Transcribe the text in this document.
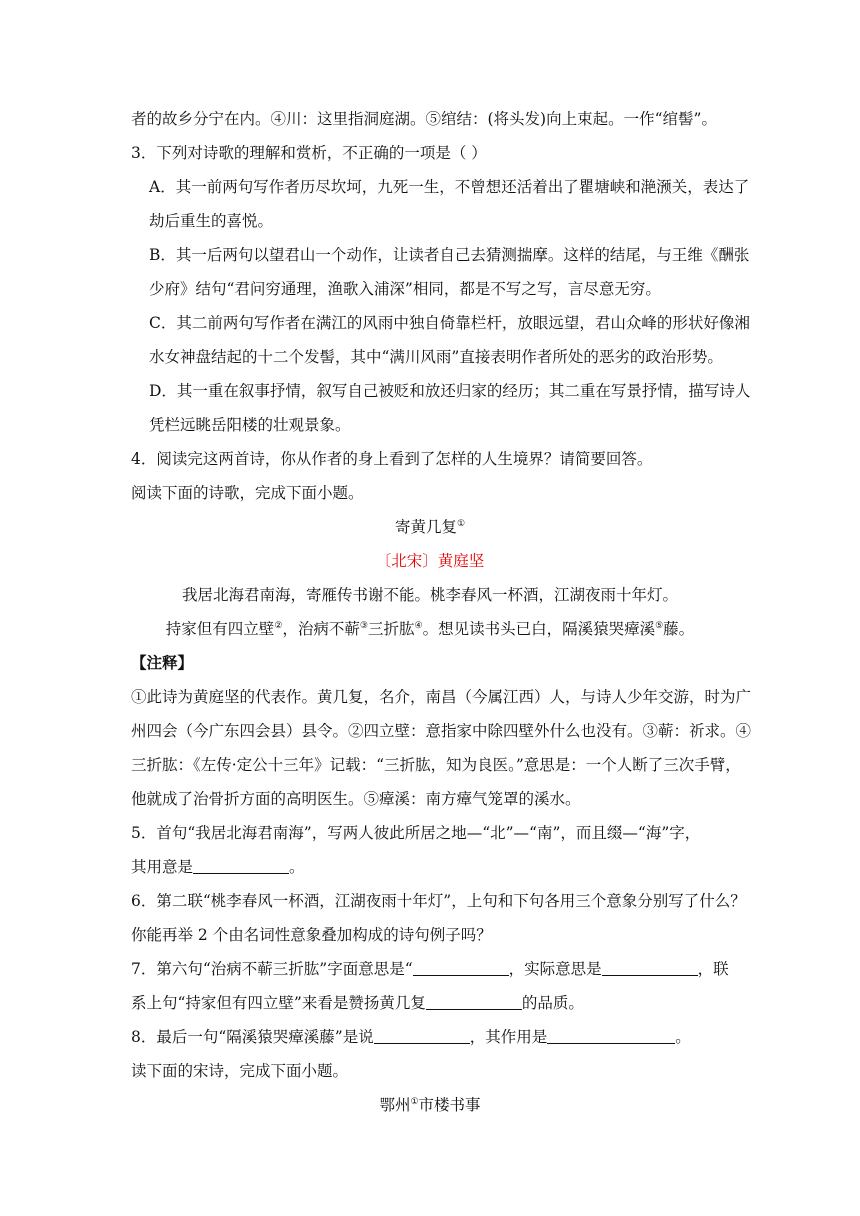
者的故乡分宁在内。④川：这里指洞庭湖。⑤绾结：(将头发)向上束起。一作“绾髻”。
3．下列对诗歌的理解和赏析，不正确的一项是（ ）
A．其一前两句写作者历尽坎坷，九死一生，不曾想还活着出了瞿塘峡和滟滪关，表达了
劫后重生的喜悦。
B．其一后两句以望君山一个动作，让读者自己去猜测揣摩。这样的结尾，与王维《酬张
少府》结句“君问穷通理，渔歌入浦深”相同，都是不写之写，言尽意无穷。
C．其二前两句写作者在满江的风雨中独自倚靠栏杆，放眼远望，君山众峰的形状好像湘
水女神盘结起的十二个发髻，其中“满川风雨”直接表明作者所处的恶劣的政治形势。
D．其一重在叙事抒情，叙写自己被贬和放还归家的经历；其二重在写景抒情，描写诗人
凭栏远眺岳阳楼的壮观景象。
4．阅读完这两首诗，你从作者的身上看到了怎样的人生境界？请简要回答。
阅读下面的诗歌，完成下面小题。
寄黄几复①
〔北宋〕黄庭坚
我居北海君南海，寄雁传书谢不能。桃李春风一杯酒，江湖夜雨十年灯。
持家但有四立壁②，治病不蕲③三折肱④。想见读书头已白，隔溪猿哭瘴溪⑤藤。
【注释】
①此诗为黄庭坚的代表作。黄几复，名介，南昌（今属江西）人，与诗人少年交游，时为广
州四会（今广东四会县）县令。②四立壁：意指家中除四壁外什么也没有。③蕲：祈求。④
三折肱：《左传·定公十三年》记载：“三折肱，知为良医。”意思是：一个人断了三次手臂，
他就成了治骨折方面的高明医生。⑤瘴溪：南方瘴气笼罩的溪水。
5．首句“我居北海君南海”，写两人彼此所居之地—“北”—“南”，而且缀—“海”字，
其用意是	。
6．第二联“桃李春风一杯酒，江湖夜雨十年灯”，上句和下句各用三个意象分别写了什么？
你能再举 2 个由名词性意象叠加构成的诗句例子吗？
7．第六句“治病不蕲三折肱”字面意思是“	，实际意思是	，联
系上句“持家但有四立壁”来看是赞扬黄几复	的品质。
8．最后一句“隔溪猿哭瘴溪藤”是说	，其作用是	。
读下面的宋诗，完成下面小题。
鄂州①市楼书事
